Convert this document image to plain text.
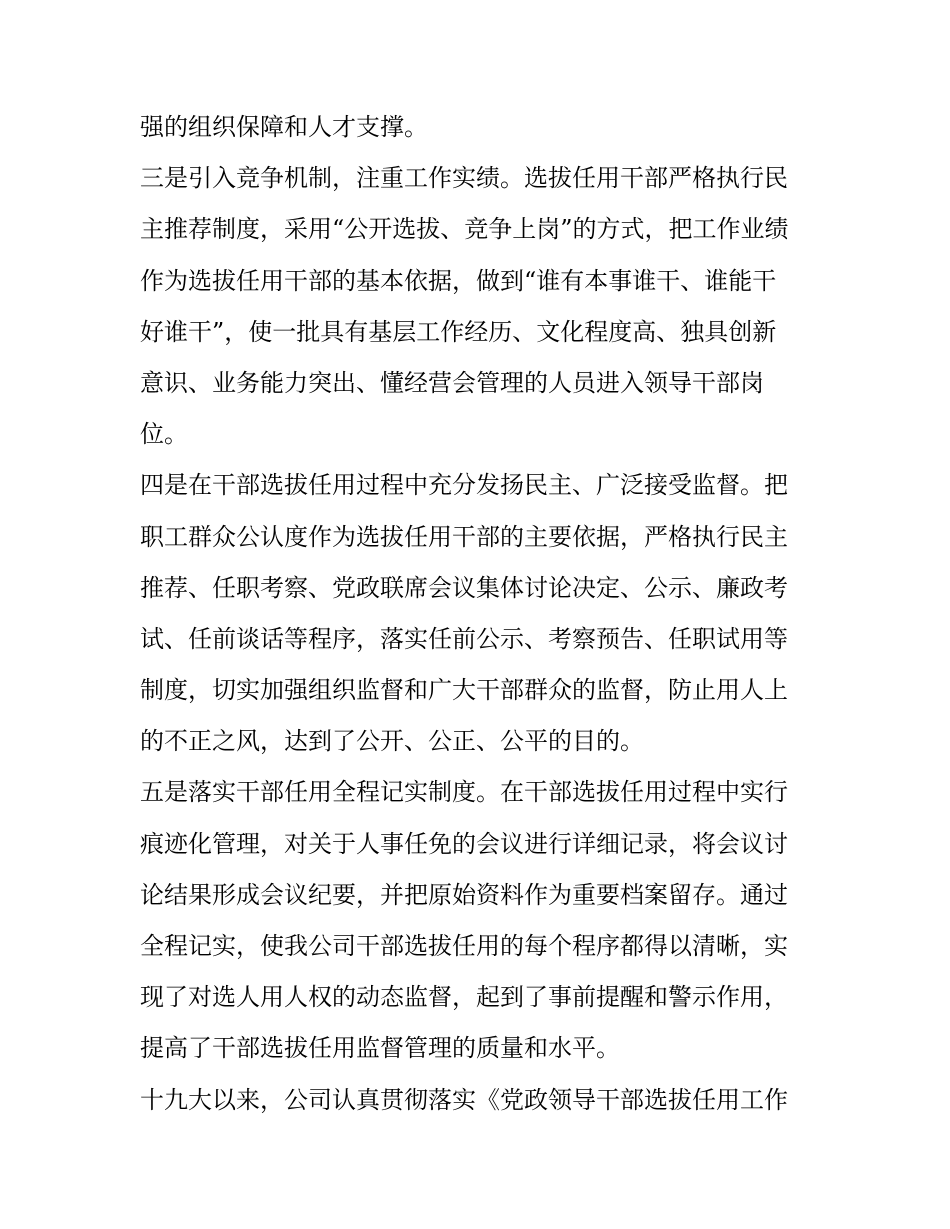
强的组织保障和人才支撑。
三是引入竞争机制，注重工作实绩。选拔任用干部严格执行民
主推荐制度，采用“公开选拔、竞争上岗”的方式，把工作业绩
作为选拔任用干部的基本依据，做到“谁有本事谁干、谁能干
好谁干”，使一批具有基层工作经历、文化程度高、独具创新
意识、业务能力突出、懂经营会管理的人员进入领导干部岗
位。
四是在干部选拔任用过程中充分发扬民主、广泛接受监督。把
职工群众公认度作为选拔任用干部的主要依据，严格执行民主
推荐、任职考察、党政联席会议集体讨论决定、公示、廉政考
试、任前谈话等程序，落实任前公示、考察预告、任职试用等
制度，切实加强组织监督和广大干部群众的监督，防止用人上
的不正之风，达到了公开、公正、公平的目的。
五是落实干部任用全程记实制度。在干部选拔任用过程中实行
痕迹化管理，对关于人事任免的会议进行详细记录，将会议讨
论结果形成会议纪要，并把原始资料作为重要档案留存。通过
全程记实，使我公司干部选拔任用的每个程序都得以清晰，实
现了对选人用人权的动态监督，起到了事前提醒和警示作用，
提高了干部选拔任用监督管理的质量和水平。
十九大以来，公司认真贯彻落实《党政领导干部选拔任用工作
